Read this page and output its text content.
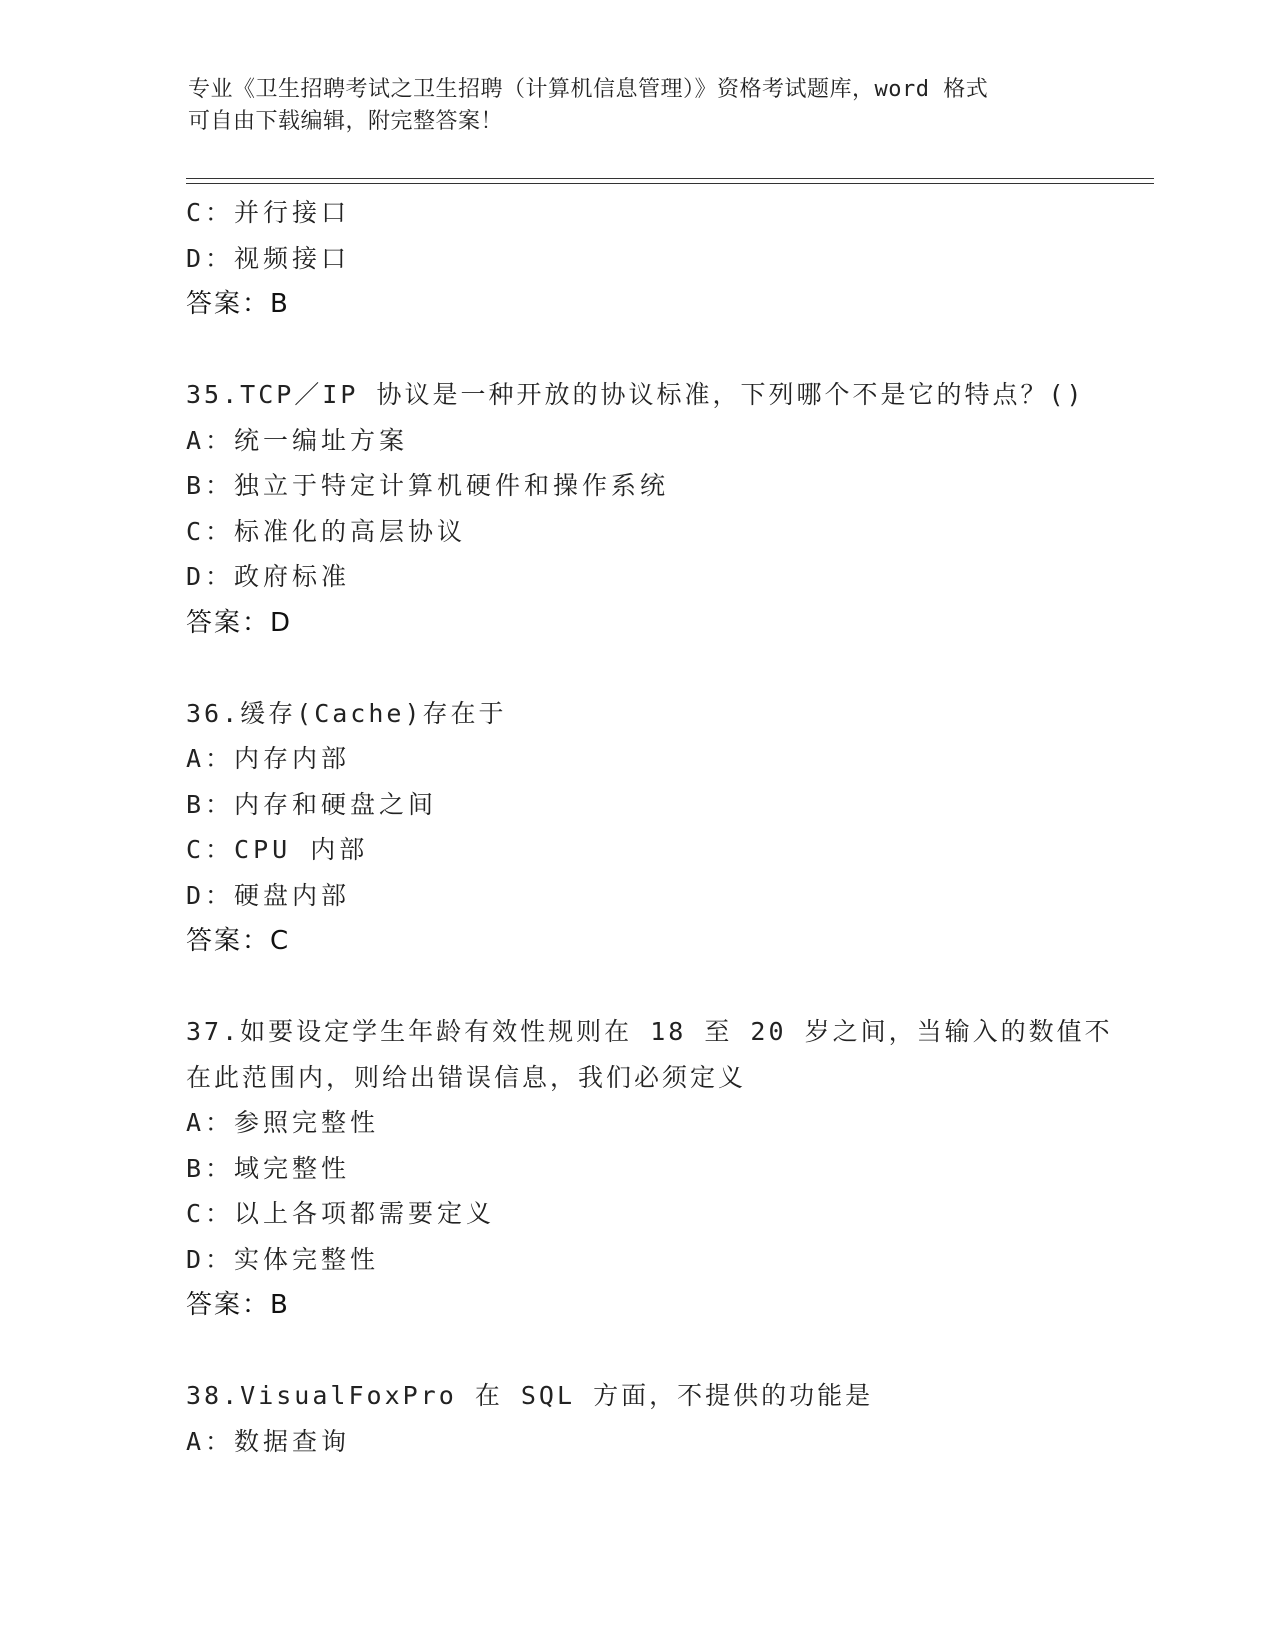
专业《卫生招聘考试之卫生招聘（计算机信息管理）》资格考试题库，word 格式
可自由下载编辑，附完整答案！
C：并行接口
D：视频接口
答案：B
35.TCP／IP 协议是一种开放的协议标准，下列哪个不是它的特点？()
A：统一编址方案
B：独立于特定计算机硬件和操作系统
C：标准化的高层协议
D：政府标准
答案：D
36.缓存(Cache)存在于
A：内存内部
B：内存和硬盘之间
C：CPU 内部
D：硬盘内部
答案：C
37.如要设定学生年龄有效性规则在 18 至 20 岁之间，当输入的数值不
在此范围内，则给出错误信息，我们必须定义
A：参照完整性
B：域完整性
C：以上各项都需要定义
D：实体完整性
答案：B
38.VisualFoxPro 在 SQL 方面，不提供的功能是
A：数据查询
